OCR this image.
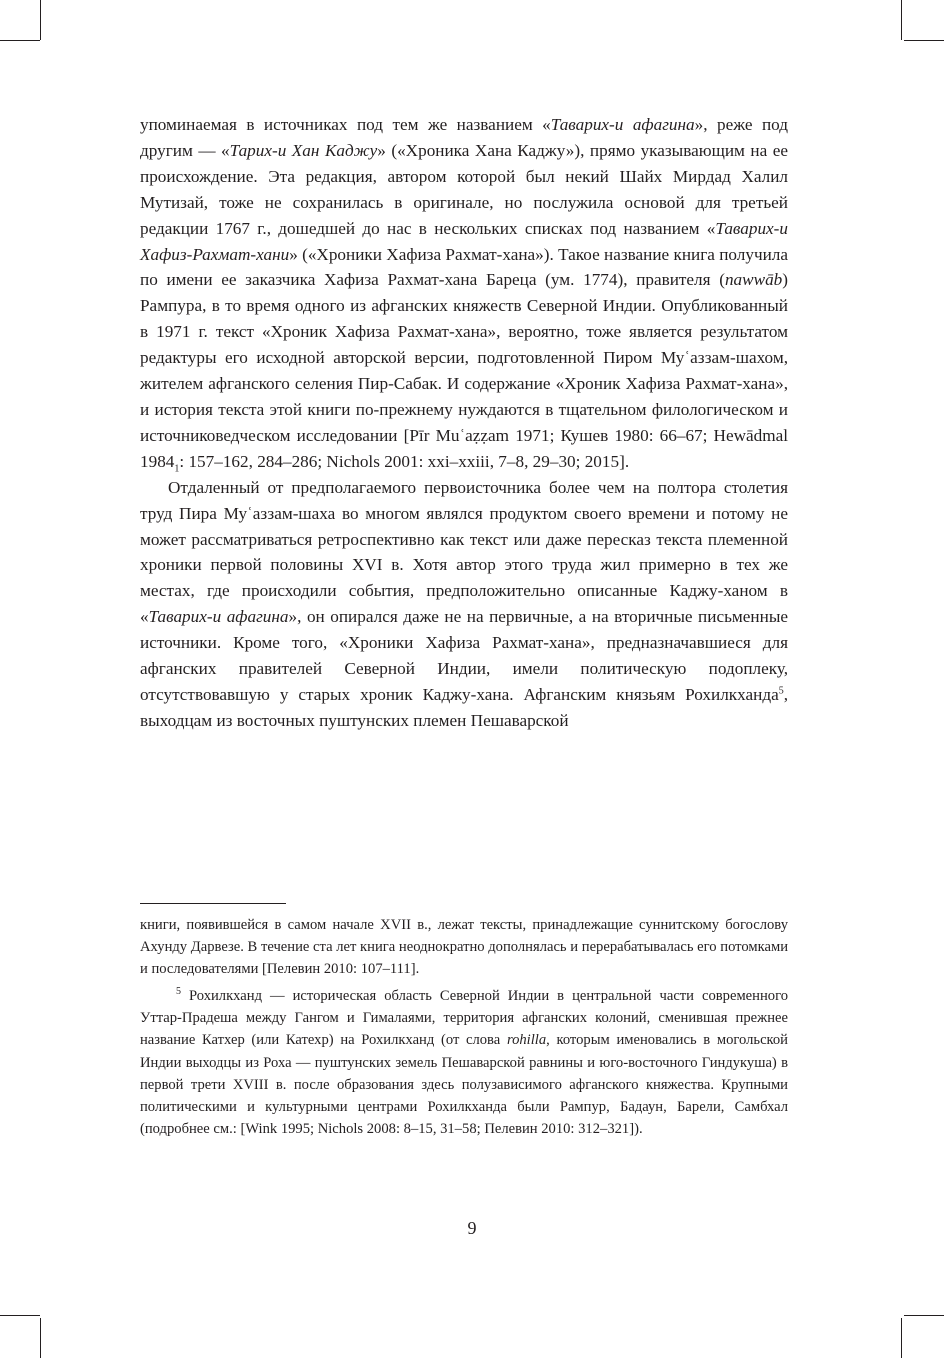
упоминаемая в источниках под тем же названием «Таварих-и афагина», реже под другим — «Тарих-и Хан Каджу» («Хроника Хана Каджу»), прямо указывающим на ее происхождение. Эта редакция, автором которой был некий Шайх Мирдад Халил Мутизай, тоже не сохранилась в оригинале, но послужила основой для третьей редакции 1767 г., дошедшей до нас в нескольких списках под названием «Таварих-и Хафиз-Рахмат-хани» («Хроники Хафиза Рахмат-хана»). Такое название книга получила по имени ее заказчика Хафиза Рахмат-хана Бареца (ум. 1774), правителя (nawwāb) Рампура, в то время одного из афганских княжеств Северной Индии. Опубликованный в 1971 г. текст «Хроник Хафиза Рахмат-хана», вероятно, тоже является результатом редактуры его исходной авторской версии, подготовленной Пиром Муʿаззам-шахом, жителем афганского селения Пир-Сабак. И содержание «Хроник Хафиза Рахмат-хана», и история текста этой книги по-прежнему нуждаются в тщательном филологическом и источниковедческом исследовании [Pīr Muʿaẓẓam 1971; Кушев 1980: 66–67; Hewādmal $1984_1$: 157–162, 284–286; Nichols 2001: xxi–xxiii, 7–8, 29–30; 2015].

Отдаленный от предполагаемого первоисточника более чем на полтора столетия труд Пира Муʿаззам-шаха во многом являлся продуктом своего времени и потому не может рассматриваться ретроспективно как текст или даже пересказ текста племенной хроники первой половины XVI в. Хотя автор этого труда жил примерно в тех же местах, где происходили события, предположительно описанные Каджу-ханом в «Таварих-и афагина», он опирался даже не на первичные, а на вторичные письменные источники. Кроме того, «Хроники Хафиза Рахмат-хана», предназначавшиеся для афганских правителей Северной Индии, имели политическую подоплеку, отсутствовавшую у старых хроник Каджу-хана. Афганским князьям Рохилкханда$^5$, выходцам из восточных пуштунских племен Пешаварской

книги, появившейся в самом начале XVII в., лежат тексты, принадлежащие суннитскому богослову Ахунду Дарвезе. В течение ста лет книга неоднократно дополнялась и перерабатывалась его потомками и последователями [Пелевин 2010: 107–111].

$^5$ Рохилкханд — историческая область Северной Индии в центральной части современного Уттар-Прадеша между Гангом и Гималаями, территория афганских колоний, сменившая прежнее название Катхер (или Катехр) на Рохилкханд (от слова rohilla, которым именовались в могольской Индии выходцы из Роха — пуштунских земель Пешаварской равнины и юго-восточного Гиндукуша) в первой трети XVIII в. после образования здесь полузависимого афганского княжества. Крупными политическими и культурными центрами Рохилкханда были Рампур, Бадаун, Барели, Самбхал (подробнее см.: [Wink 1995; Nichols 2008: 8–15, 31–58; Пелевин 2010: 312–321]).

9
